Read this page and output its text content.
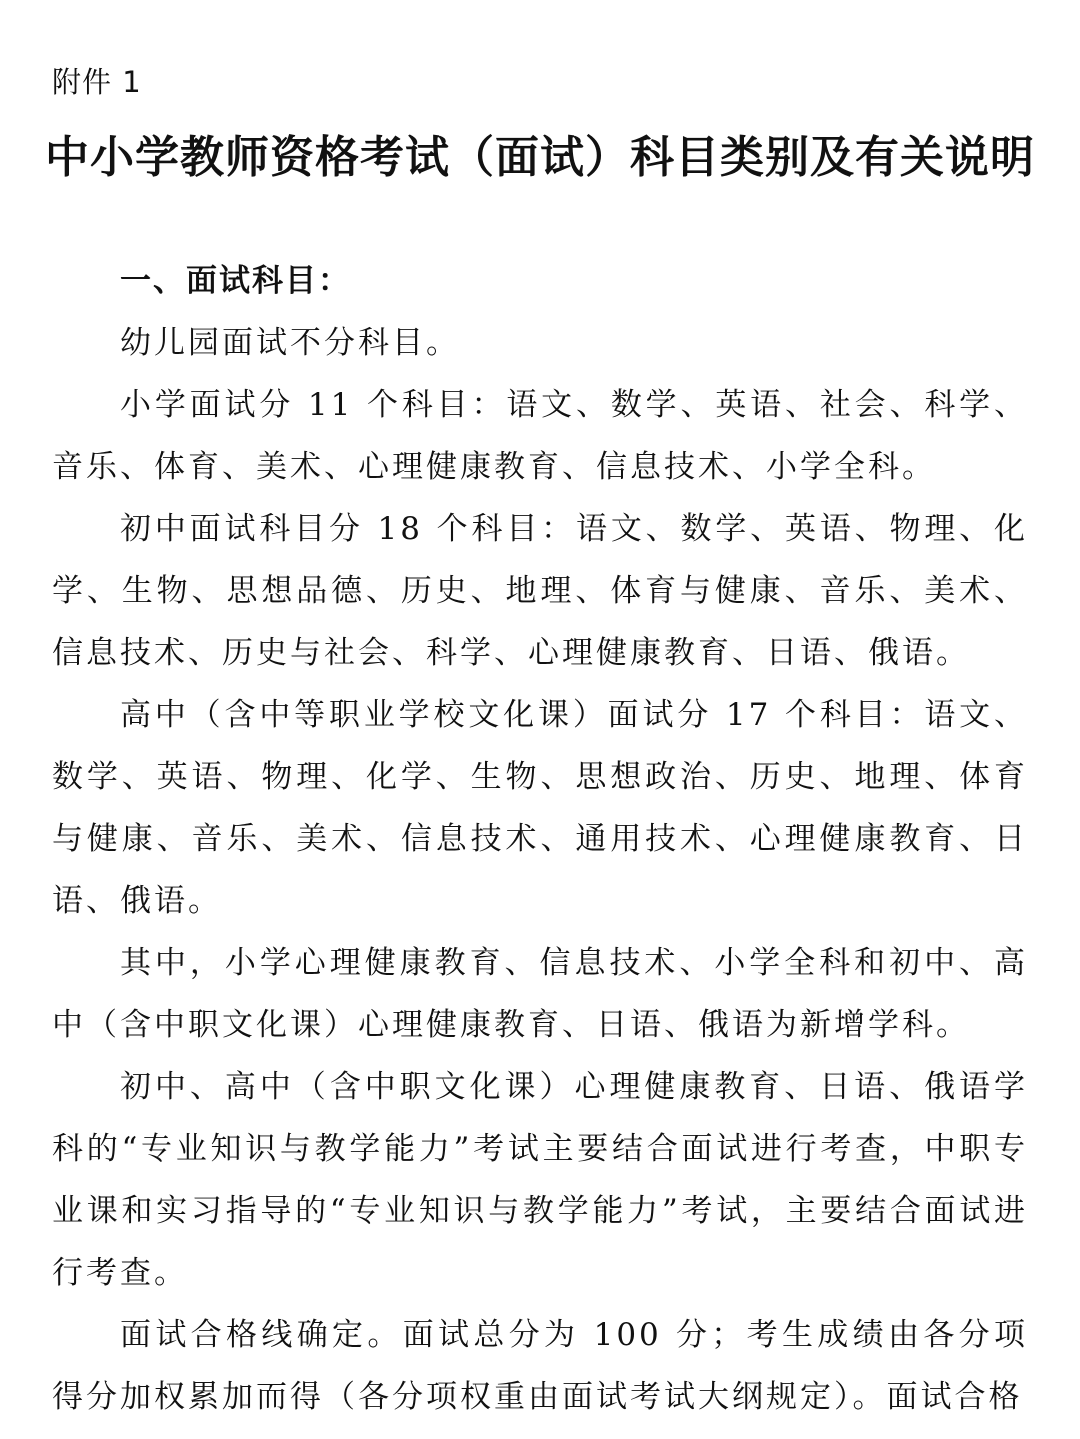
附件 1
中小学教师资格考试（面试）科目类别及有关说明
一、面试科目：

幼儿园面试不分科目。

小学面试分 11 个科目：语文、数学、英语、社会、科学、音乐、体育、美术、心理健康教育、信息技术、小学全科。

初中面试科目分 18 个科目：语文、数学、英语、物理、化学、生物、思想品德、历史、地理、体育与健康、音乐、美术、信息技术、历史与社会、科学、心理健康教育、日语、俄语。

高中（含中等职业学校文化课）面试分 17 个科目：语文、数学、英语、物理、化学、生物、思想政治、历史、地理、体育与健康、音乐、美术、信息技术、通用技术、心理健康教育、日语、俄语。

其中，小学心理健康教育、信息技术、小学全科和初中、高中（含中职文化课）心理健康教育、日语、俄语为新增学科。

初中、高中（含中职文化课）心理健康教育、日语、俄语学科的“专业知识与教学能力”考试主要结合面试进行考查，中职专业课和实习指导的“专业知识与教学能力”考试，主要结合面试进行考查。

面试合格线确定。面试总分为 100 分；考生成绩由各分项得分加权累加而得（各分项权重由面试考试大纲规定）。面试合格
